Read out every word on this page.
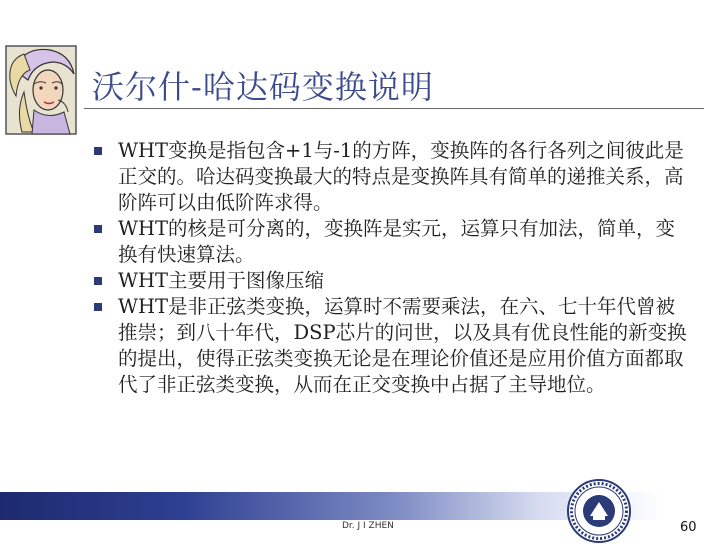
沃尔什-哈达码变换说明
WHT变换是指包含+1与-1的方阵，变换阵的各行各列之间彼此是正交的。哈达码变换最大的特点是变换阵具有简单的递推关系，高阶阵可以由低阶阵求得。
WHT的核是可分离的，变换阵是实元，运算只有加法，简单，变换有快速算法。
WHT主要用于图像压缩
WHT是非正弦类变换，运算时不需要乘法，在六、七十年代曾被推崇；到八十年代，DSP芯片的问世，以及具有优良性能的新变换的提出，使得正弦类变换无论是在理论价值还是应用价值方面都取代了非正弦类变换，从而在正交变换中占据了主导地位。
Dr. J I ZHEN	60
